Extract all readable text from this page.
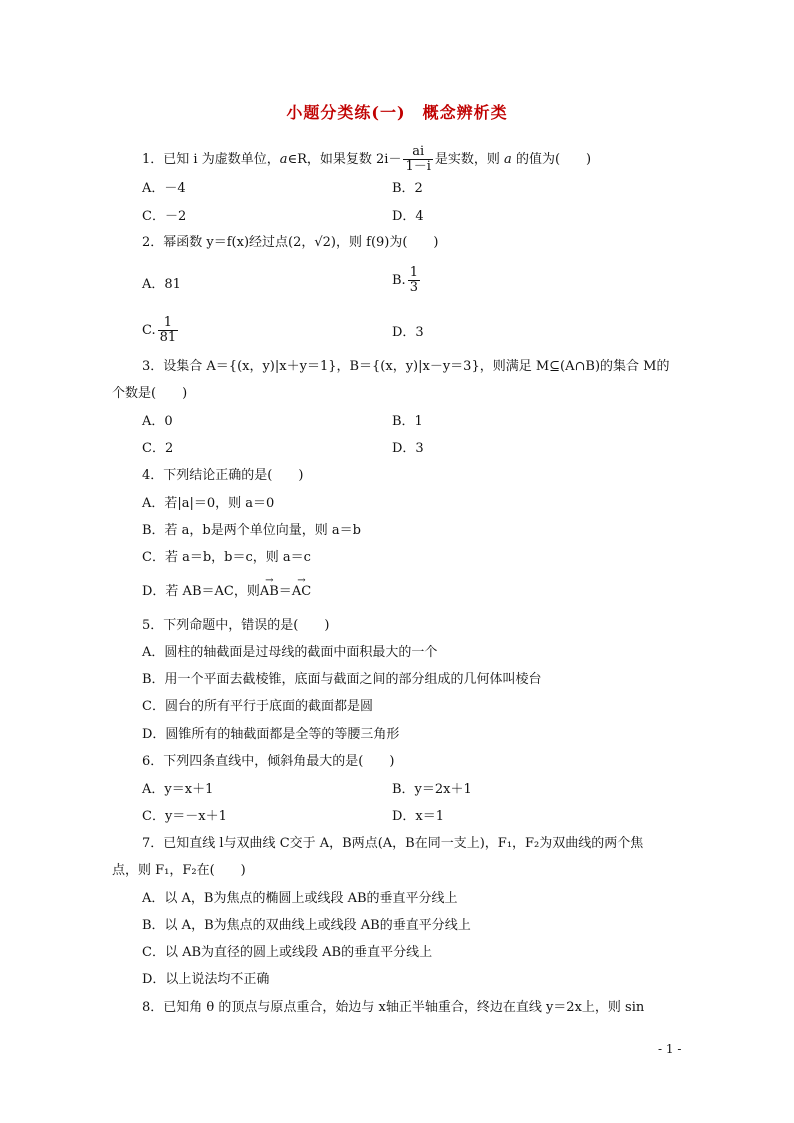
小题分类练(一)　概念辨析类
1．已知 i 为虚数单位，a∈R，如果复数 $2i- \frac{ai}{1-i}$ 是实数，则 a 的值为(　　)
A．－4	B．2
C．－2	D．4
2．幂函数 y＝f(x)经过点(2，√2)，则 f(9)为(　　)
A．81	B. $\frac{1}{3}$
C. $\frac{1}{81}$	D．3
3．设集合 A＝{(x，y)|x＋y＝1}，B＝{(x，y)|x－y＝3}，则满足 M⊆(A∩B)的集合 M的
个数是(　　)
A．0	B．1
C．2	D．3
4．下列结论正确的是(　　)
A．若|a|＝0，则 a＝0
B．若 a，b是两个单位向量，则 a＝b
C．若 a＝b，b＝c，则 a＝c
D．若 AB＝AC，则→ AB＝→ AC
5．下列命题中，错误的是(　　)
A．圆柱的轴截面是过母线的截面中面积最大的一个
B．用一个平面去截棱锥，底面与截面之间的部分组成的几何体叫棱台
C．圆台的所有平行于底面的截面都是圆
D．圆锥所有的轴截面都是全等的等腰三角形
6．下列四条直线中，倾斜角最大的是(　　)
A．y＝x＋1	B．y＝2x＋1
C．y＝－x＋1	D．x＝1
7．已知直线 l与双曲线 C交于 A，B两点(A，B在同一支上)，F₁，F₂为双曲线的两个焦
点，则 F₁，F₂在(　　)
A．以 A，B为焦点的椭圆上或线段 AB的垂直平分线上
B．以 A，B为焦点的双曲线上或线段 AB的垂直平分线上
C．以 AB为直径的圆上或线段 AB的垂直平分线上
D．以上说法均不正确
8．已知角 θ 的顶点与原点重合，始边与 x轴正半轴重合，终边在直线 y＝2x上，则 sin
- 1 -
